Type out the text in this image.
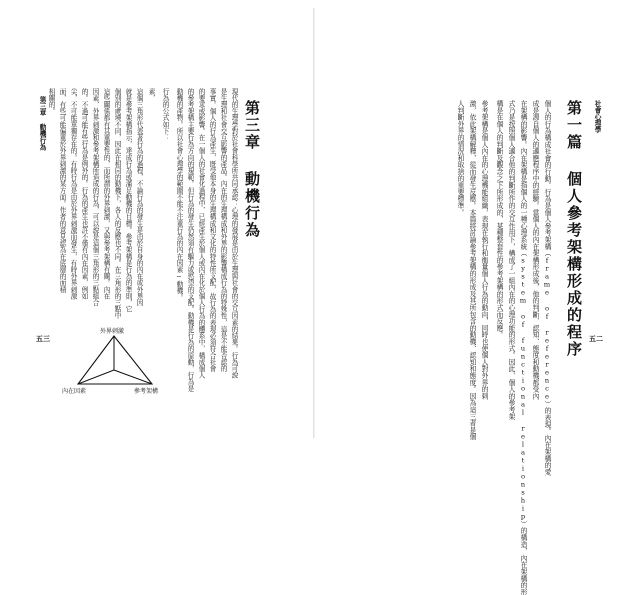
現代的生理學對於社會科學所共同承認：心理的發展是由於生理與社會的交互因素的結果。行為可說
是生理和社會交互影響的產品。內在的生理構成和外界的影響構成行為的特殊性，這是不能否認的
事實。個人的行為產生，既受他本身的生理構成和文化的特性所支配，故行為的表現必須符合社會
的要求或影響。在一個人的社會化過程中，已經產生於個人或內在化於個人行為的體系中，構成個人
的參考架構主要行為方向的規範。但行為的發生仍然須有驅力或慾望的支配。動機是行為的原動，行為是
動機的產物。所以社會心理學的範圍不能不注重行為的內在因素─動機。
行為的公式如下：
素，
這個三角形代表著行為的過程，不論行為的發生是由於自身的內在或外界因
就是參考架構指示，達成行為或滿足動機的目標。參考架構是行為的準則，它
個別的處境不同，因此在相同的動機下，各人的反應也不同。在三角形的三點中
這些關係都有其重要性的，而所謂的外界刺激，又與參考架構有關。內在
因素、外界刺激和參考架構所造成的行為，可以說是這個三角形的三點組合
的。不過可能有些行為是例外的。行為的產生也許不僅有內在因素，例如
尖，不可能單獨存在的。有時行為是由於外界刺激而發生，有時外界刺激
面，有些可能偏重於外界刺激的某方面。作者的意見認為在底層的面積
相關的。	第三章 動機行為
第三章 動機行為
五三
外界刺激
內在因素	參考架構
社會心理學
第一篇 個人參考架構形成的程序
個人的行為構成社會的行動。行為是個人參考架構（frame of reference）的表現。內在架構的愛
成是源自個人的適應程序中的經驗。當個人的內在架構形成後，他的判斷、認知、態度和動機都受內
在架構的影響。內在架構是指個人的一種心理系統（system of functional relationship）的構造，內在架構的形
式乃是按照個人適合他的判斷所作的交互作用下，構成了一組內在的心理功能的形式。因此，個人的參考架
構是在個人的判斷及觀念之下所形成的，某種整套性的參考架構的形式而反應。
參考架構是個人內在的心理機能組織，表現在執行和衡量個人行為的動向，同時也使個人對外界的刺
激，依此架構解釋，從而發生反應。本篇將討論參考架構的形成及其所包含的動機、認知和態度。因為這三者是個
人判斷外界的情況和取捨的重要標準。
五二
